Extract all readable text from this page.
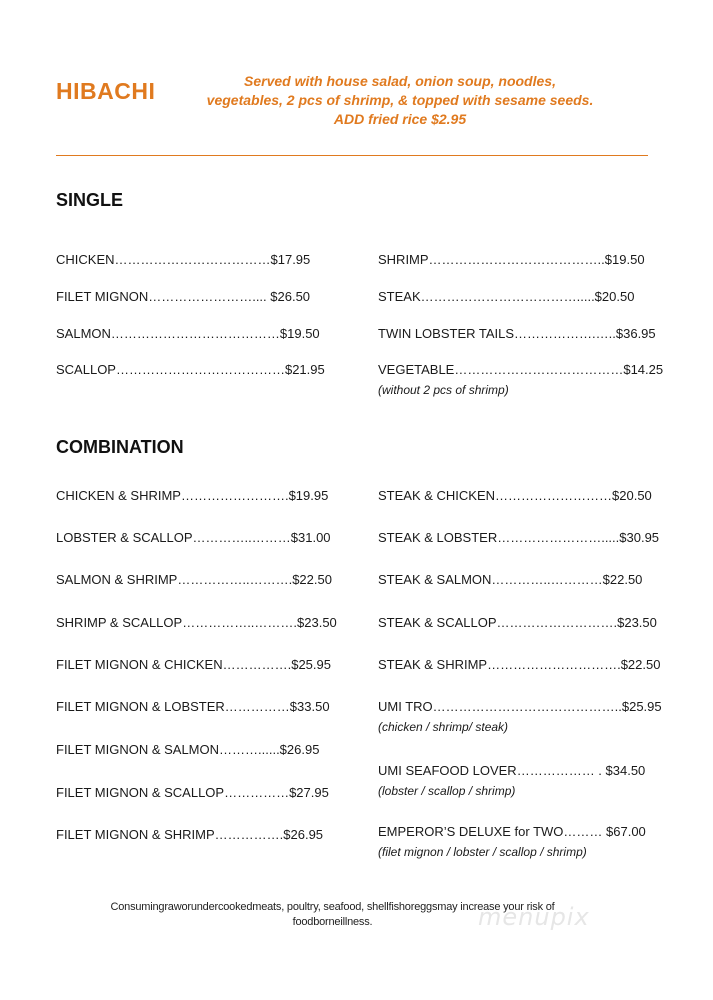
HIBACHI	Served with house salad, onion soup, noodles,
vegetables, 2 pcs of shrimp, & topped with sesame seeds.
ADD fried rice $2.95
SINGLE
CHICKEN………………………………$17.95
FILET MIGNON…………………….... $26.50
SALMON…………………………………$19.50
SCALLOP…………………………………$21.95
SHRIMP…………………………………..$19.50
STEAK……………………………….....$20.50
TWIN LOBSTER TAILS……………….…..$36.95
VEGETABLE…………………………………$14.25
(without 2 pcs of shrimp)
COMBINATION
CHICKEN & SHRIMP…………………….$19.95
LOBSTER & SCALLOP…………..………$31.00
SALMON & SHRIMP……………..……….$22.50
SHRIMP & SCALLOP……………..……….$23.50
FILET MIGNON & CHICKEN…………….$25.95
FILET MIGNON & LOBSTER……………$33.50
FILET MIGNON & SALMON………......$26.95
FILET MIGNON & SCALLOP……………$27.95
FILET MIGNON & SHRIMP…………….$26.95
STEAK & CHICKEN………………………$20.50
STEAK & LOBSTER…………………….....$30.95
STEAK & SALMON…………..…………$22.50
STEAK & SCALLOP……………………….$23.50
STEAK & SHRIMP………………………….$22.50
UMI TRO……………………………………..$25.95
(chicken / shrimp/ steak)
UMI SEAFOOD LOVER……………… . $34.50
(lobster / scallop / shrimp)
EMPEROR’S DELUXE for TWO……… $67.00
(filet mignon / lobster / scallop / shrimp)
Consumingraworundercookedmeats, poultry, seafood, shellfishoreggsmay increase your risk of
foodborneillness.	menupix
